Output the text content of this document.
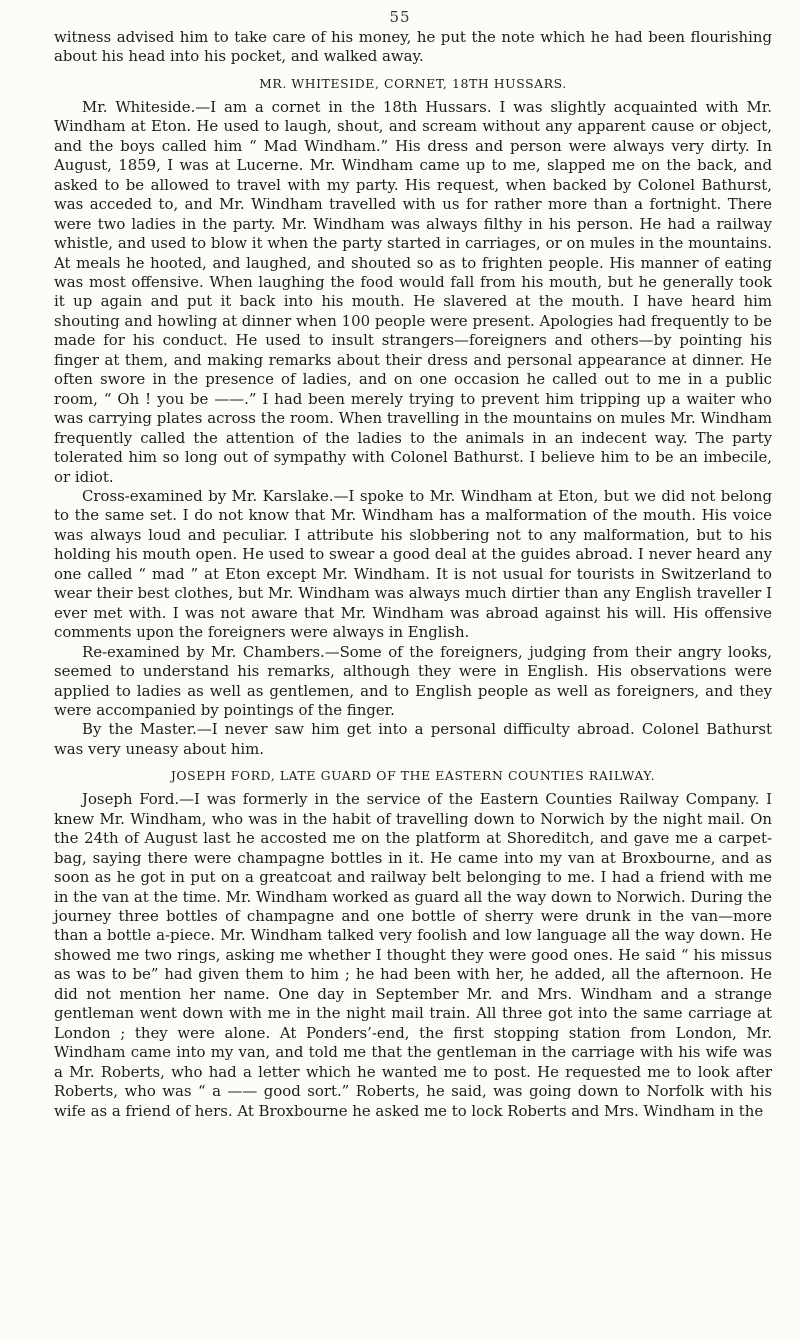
55

witness advised him to take care of his money, he put the note which he had been flourishing about his head into his pocket, and walked away.

MR. WHITESIDE, CORNET, 18TH HUSSARS.

Mr. Whiteside.—I am a cornet in the 18th Hussars. I was slightly acquainted with Mr. Windham at Eton. He used to laugh, shout, and scream without any apparent cause or object, and the boys called him “ Mad Windham.” His dress and person were always very dirty. In August, 1859, I was at Lucerne. Mr. Windham came up to me, slapped me on the back, and asked to be allowed to travel with my party. His request, when backed by Colonel Bathurst, was acceded to, and Mr. Windham travelled with us for rather more than a fortnight. There were two ladies in the party. Mr. Windham was always filthy in his person. He had a railway whistle, and used to blow it when the party started in carriages, or on mules in the mountains. At meals he hooted, and laughed, and shouted so as to frighten people. His manner of eating was most offensive. When laughing the food would fall from his mouth, but he generally took it up again and put it back into his mouth. He slavered at the mouth. I have heard him shouting and howling at dinner when 100 people were present. Apologies had frequently to be made for his conduct. He used to insult strangers—foreigners and others—by pointing his finger at them, and making remarks about their dress and personal appearance at dinner. He often swore in the presence of ladies, and on one occasion he called out to me in a public room, “ Oh ! you be ——.” I had been merely trying to prevent him tripping up a waiter who was carrying plates across the room. When travelling in the mountains on mules Mr. Windham frequently called the attention of the ladies to the animals in an indecent way. The party tolerated him so long out of sympathy with Colonel Bathurst. I believe him to be an imbecile, or idiot.

Cross-examined by Mr. Karslake.—I spoke to Mr. Windham at Eton, but we did not belong to the same set. I do not know that Mr. Windham has a malformation of the mouth. His voice was always loud and peculiar. I attribute his slobbering not to any malformation, but to his holding his mouth open. He used to swear a good deal at the guides abroad. I never heard any one called “ mad ” at Eton except Mr. Windham. It is not usual for tourists in Switzerland to wear their best clothes, but Mr. Windham was always much dirtier than any English traveller I ever met with. I was not aware that Mr. Windham was abroad against his will. His offensive comments upon the foreigners were always in English.

Re-examined by Mr. Chambers.—Some of the foreigners, judging from their angry looks, seemed to understand his remarks, although they were in English. His observations were applied to ladies as well as gentlemen, and to English people as well as foreigners, and they were accompanied by pointings of the finger.

By the Master.—I never saw him get into a personal difficulty abroad. Colonel Bathurst was very uneasy about him.

JOSEPH FORD, LATE GUARD OF THE EASTERN COUNTIES RAILWAY.

Joseph Ford.—I was formerly in the service of the Eastern Counties Railway Company. I knew Mr. Windham, who was in the habit of travelling down to Norwich by the night mail. On the 24th of August last he accosted me on the platform at Shoreditch, and gave me a carpet-bag, saying there were champagne bottles in it. He came into my van at Broxbourne, and as soon as he got in put on a greatcoat and railway belt belonging to me. I had a friend with me in the van at the time. Mr. Windham worked as guard all the way down to Norwich. During the journey three bottles of champagne and one bottle of sherry were drunk in the van—more than a bottle a-piece. Mr. Windham talked very foolish and low language all the way down. He showed me two rings, asking me whether I thought they were good ones. He said “ his missus as was to be” had given them to him ; he had been with her, he added, all the afternoon. He did not mention her name. One day in September Mr. and Mrs. Windham and a strange gentleman went down with me in the night mail train. All three got into the same carriage at London ; they were alone. At Ponders’-end, the first stopping station from London, Mr. Windham came into my van, and told me that the gentleman in the carriage with his wife was a Mr. Roberts, who had a letter which he wanted me to post. He requested me to look after Roberts, who was “ a —— good sort.” Roberts, he said, was going down to Norfolk with his wife as a friend of hers. At Broxbourne he asked me to lock Roberts and Mrs. Windham in the
